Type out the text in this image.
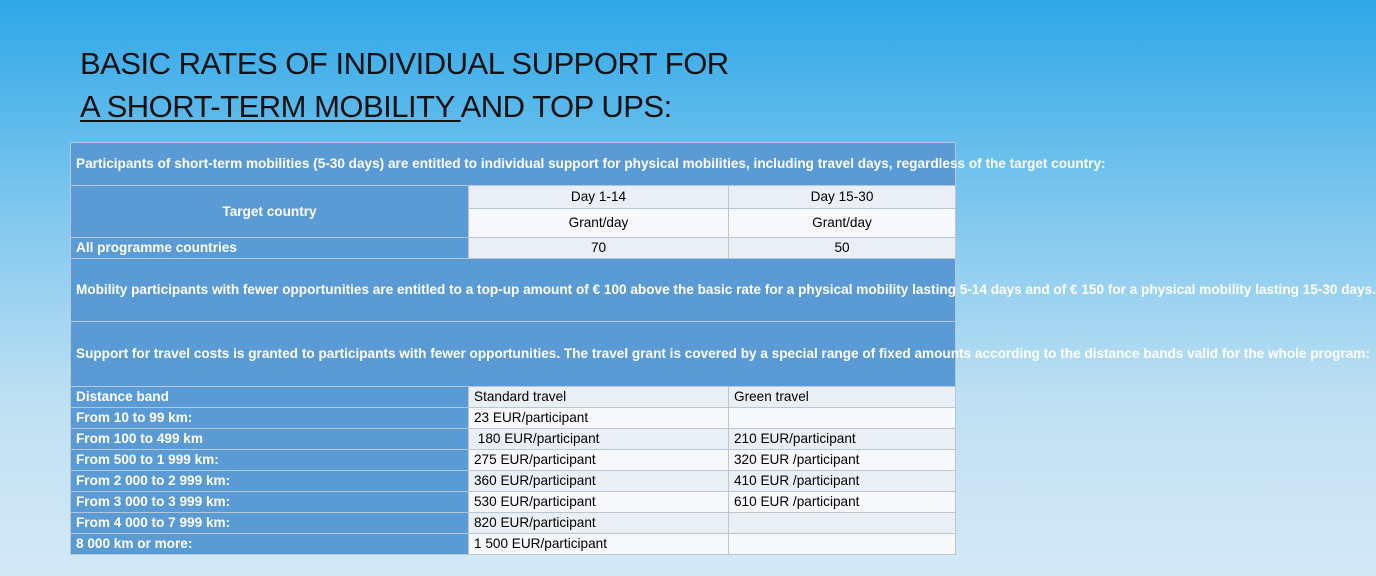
BASIC RATES OF INDIVIDUAL SUPPORT FOR
A SHORT-TERM MOBILITY AND TOP UPS:
Participants of short-term mobilities (5-30 days) are entitled to individual support for physical mobilities, including travel days, regardless of the target country:		
Target country	Day 1-14	Day 15-30
	Grant/day	Grant/day
All programme countries	70	50
Mobility participants with fewer opportunities are entitled to a top-up amount of € 100 above the basic rate for a physical mobility lasting 5-14 days and of € 150 for a physical mobility lasting 15-30 days.		
Support for travel costs is granted to participants with fewer opportunities. The travel grant is covered by a special range of fixed amounts according to the distance bands valid for the whole program:		
Distance band	Standard travel	Green travel
From 10 to 99 km:	23 EUR/participant	
From 100 to 499 km	180 EUR/participant	210 EUR/participant
From 500 to 1 999 km:	275 EUR/participant	320 EUR /participant
From 2 000 to 2 999 km:	360 EUR/participant	410 EUR /participant
From 3 000 to 3 999 km:	530 EUR/participant	610 EUR /participant
From 4 000 to 7 999 km:	820 EUR/participant	
8 000 km or more:	1 500 EUR/participant	
